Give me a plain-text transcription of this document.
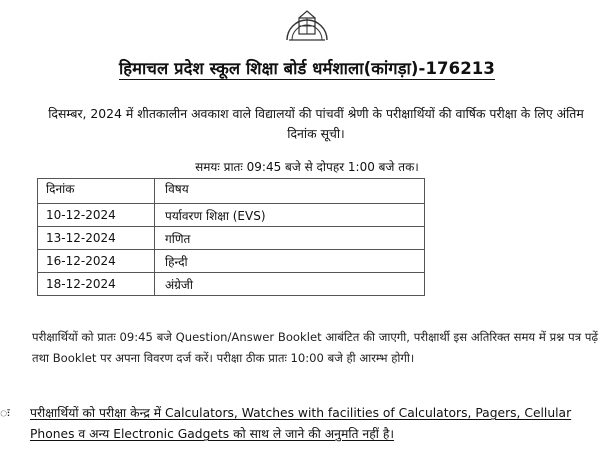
हिमाचल प्रदेश स्कूल शिक्षा बोर्ड धर्मशाला(कांगड़ा)-176213
दिसम्बर, 2024 में शीतकालीन अवकाश वाले विद्यालयों की पांचवीं श्रेणी के परीक्षार्थियों की वार्षिक परीक्षा के लिए अंतिम दिनांक सूची।
समयः प्रातः 09:45 बजे से दोपहर 1:00 बजे तक।
दिनांक	विषय
10-12-2024	पर्यावरण शिक्षा (EVS)
13-12-2024	गणित
16-12-2024	हिन्दी
18-12-2024	अंग्रेजी
परीक्षार्थियों को प्रातः 09:45 बजे Question/Answer Booklet आबंटित की जाएगी, परीक्षार्थी इस अतिरिक्त समय में प्रश्न पत्र पढ़ें तथा Booklet पर अपना विवरण दर्ज करें। परीक्षा ठीक प्रातः 10:00 बजे ही आरम्भ होगी।
ः परीक्षार्थियों को परीक्षा केन्द्र में Calculators, Watches with facilities of Calculators, Pagers, Cellular Phones व अन्य Electronic Gadgets को साथ ले जाने की अनुमति नहीं है।
